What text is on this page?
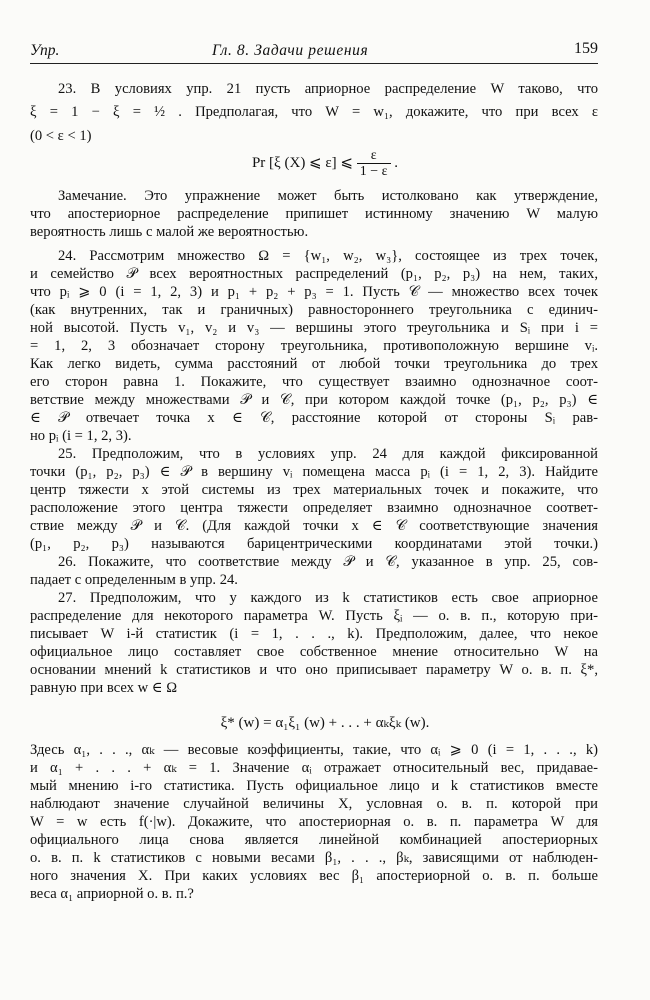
Упр.	Гл. 8. Задачи решения	159
23. В условиях упр. 21 пусть априорное распределение W таково, что
ξ = 1 − ξ = ½ . Предполагая, что W = w₁, докажите, что при всех ε
(0 < ε < 1)
Замечание. Это упражнение может быть истолковано как утверждение,
что апостериорное распределение припишет истинному значению W малую
вероятность лишь с малой же вероятностью.
24. Рассмотрим множество Ω = {w₁, w₂, w₃}, состоящее из трех точек,
и семейство 𝒫 всех вероятностных распределений (p₁, p₂, p₃) на нем, таких,
что pᵢ ⩾ 0 (i = 1, 2, 3) и p₁ + p₂ + p₃ = 1. Пусть 𝒞 — множество всех точек
(как внутренних, так и граничных) равностороннего треугольника с единич-
ной высотой. Пусть v₁, v₂ и v₃ — вершины этого треугольника и Sᵢ при i =
= 1, 2, 3 обозначает сторону треугольника, противоположную вершине vᵢ.
Как легко видеть, сумма расстояний от любой точки треугольника до трех
его сторон равна 1. Покажите, что существует взаимно однозначное соот-
ветствие между множествами 𝒫 и 𝒞, при котором каждой точке (p₁, p₂, p₃) ∈
∈ 𝒫 отвечает точка x ∈ 𝒞, расстояние которой от стороны Sᵢ рав-
но pᵢ (i = 1, 2, 3).
25. Предположим, что в условиях упр. 24 для каждой фиксированной
точки (p₁, p₂, p₃) ∈ 𝒫 в вершину vᵢ помещена масса pᵢ (i = 1, 2, 3). Найдите
центр тяжести x этой системы из трех материальных точек и покажите, что
расположение этого центра тяжести определяет взаимно однозначное соответ-
ствие между 𝒫 и 𝒞. (Для каждой точки x ∈ 𝒞 соответствующие значения
(p₁, p₂, p₃) называются барицентрическими координатами этой точки.)
26. Покажите, что соответствие между 𝒫 и 𝒞, указанное в упр. 25, сов-
падает с определенным в упр. 24.
27. Предположим, что у каждого из k статистиков есть свое априорное
распределение для некоторого параметра W. Пусть ξᵢ — о. в. п., которую при-
писывает W i-й статистик (i = 1, . . ., k). Предположим, далее, что некое
официальное лицо составляет свое собственное мнение относительно W на
основании мнений k статистиков и что оно приписывает параметру W о. в. п. ξ*,
равную при всех w ∈ Ω
Здесь α₁, . . ., αₖ — весовые коэффициенты, такие, что αᵢ ⩾ 0 (i = 1, . . ., k)
и α₁ + . . . + αₖ = 1. Значение αᵢ отражает относительный вес, придавае-
мый мнению i-го статистика. Пусть официальное лицо и k статистиков вместе
наблюдают значение случайной величины X, условная о. в. п. которой при
W = w есть f(·|w). Докажите, что апостериорная о. в. п. параметра W для
официального лица снова является линейной комбинацией апостериорных
о. в. п. k статистиков с новыми весами β₁, . . ., βₖ, зависящими от наблюден-
ного значения X. При каких условиях вес β₁ апостериорной о. в. п. больше
веса α₁ априорной о. в. п.?
Pr [ξ (X) ⩽ ε] ⩽ $\frac{\varepsilon}{1 - \varepsilon}$ .
ξ* (w) = α₁ξ₁ (w) + . . . + αₖξₖ (w).
